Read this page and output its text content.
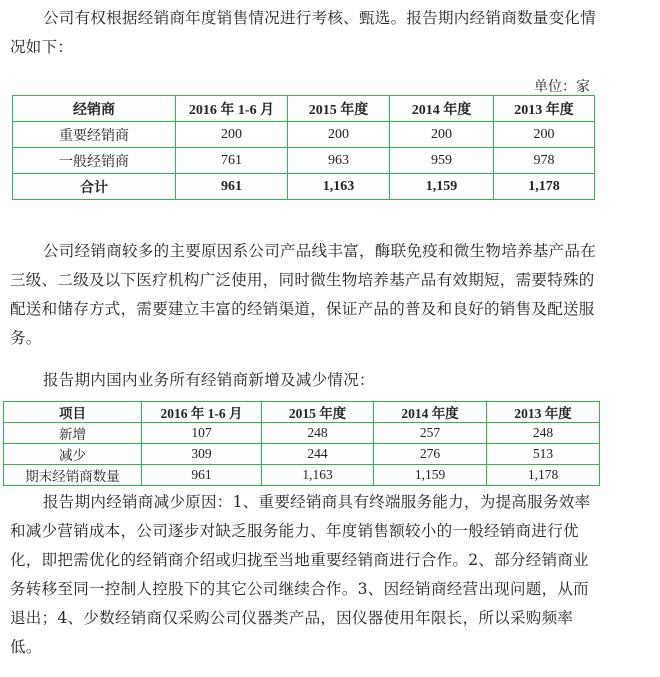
公司有权根据经销商年度销售情况进行考核、甄选。报告期内经销商数量变化情况如下：

单位：家
经销商	2016 年 1-6 月	2015 年度	2014 年度	2013 年度
重要经销商	200	200	200	200
一般经销商	761	963	959	978
合计	961	1,163	1,159	1,178

公司经销商较多的主要原因系公司产品线丰富，酶联免疫和微生物培养基产品在三级、二级及以下医疗机构广泛使用，同时微生物培养基产品有效期短，需要特殊的配送和储存方式，需要建立丰富的经销渠道，保证产品的普及和良好的销售及配送服务。

报告期内国内业务所有经销商新增及减少情况：

项目	2016 年 1-6 月	2015 年度	2014 年度	2013 年度
新增	107	248	257	248
减少	309	244	276	513
期末经销商数量	961	1,163	1,159	1,178

报告期内经销商减少原因：1、重要经销商具有终端服务能力，为提高服务效率和减少营销成本，公司逐步对缺乏服务能力、年度销售额较小的一般经销商进行优化，即把需优化的经销商介绍或归拢至当地重要经销商进行合作。2、部分经销商业务转移至同一控制人控股下的其它公司继续合作。3、因经销商经营出现问题，从而退出；4、少数经销商仅采购公司仪器类产品，因仪器使用年限长，所以采购频率低。
